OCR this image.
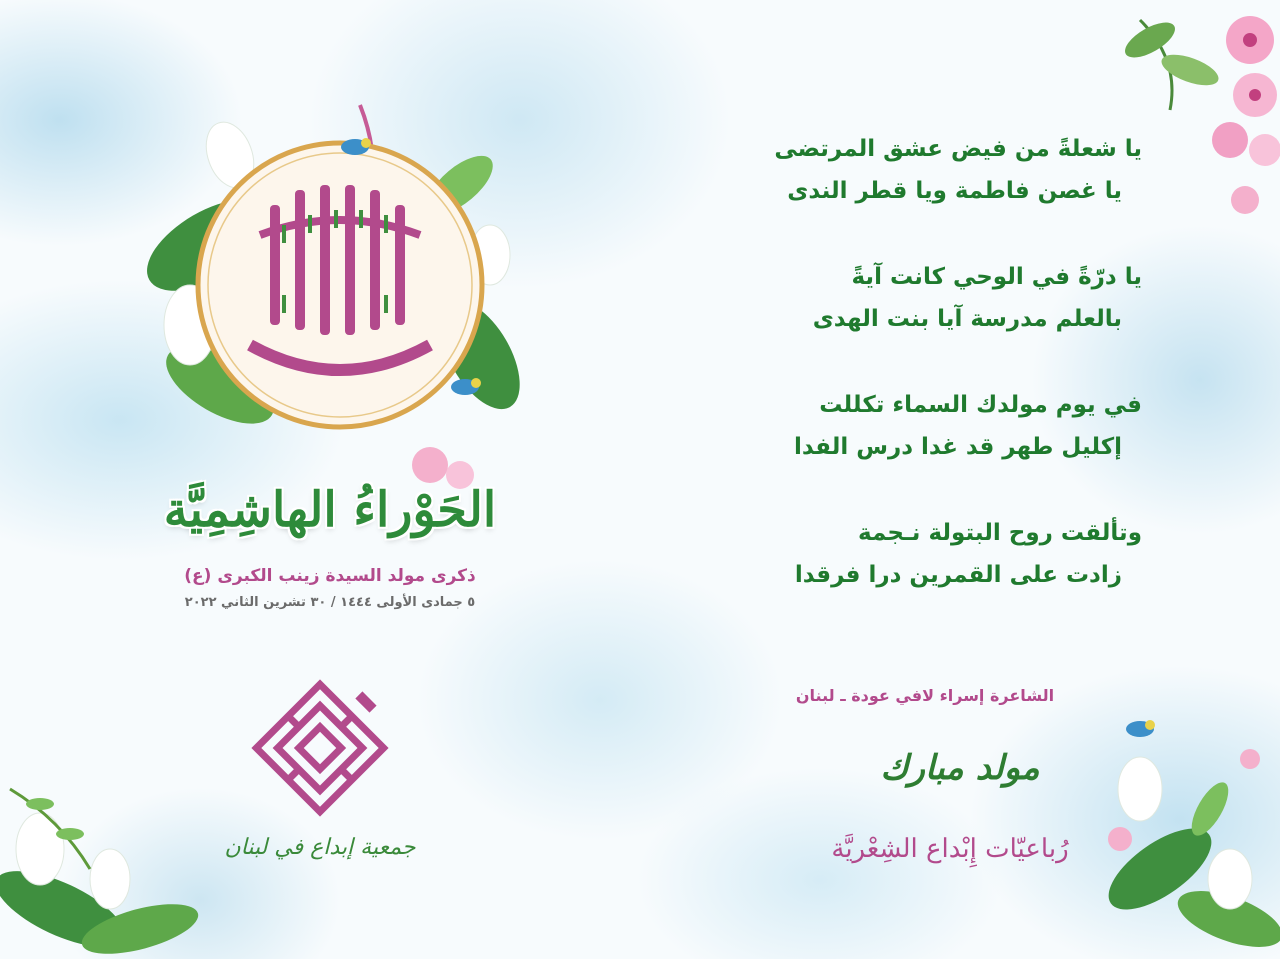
الحَوْراءُ الهاشِمِيَّة
ذكرى مولد السيدة زينب الكبرى (ع)
٥ جمادى الأولى ١٤٤٤ / ٣٠ تشرين الثاني ٢٠٢٢
جمعية إبداع في لبنان
يا شعلةً من فيض عشق المرتضى
يا غصن فاطمة ويا قطر الندى
يا درّةً في الوحي كانت آيةً
بالعلم مدرسة آيا بنت الهدى
في يوم مولدك السماء تكللت
إكليل طهر قد غدا درس الفدا
وتألقت روح البتولة نـجمة
زادت على القمرين درا فرقدا
الشاعرة إسراء لافي عودة ـ لبنان
مولد مبارك
رُباعيّات إِبْداع الشِعْريَّة
